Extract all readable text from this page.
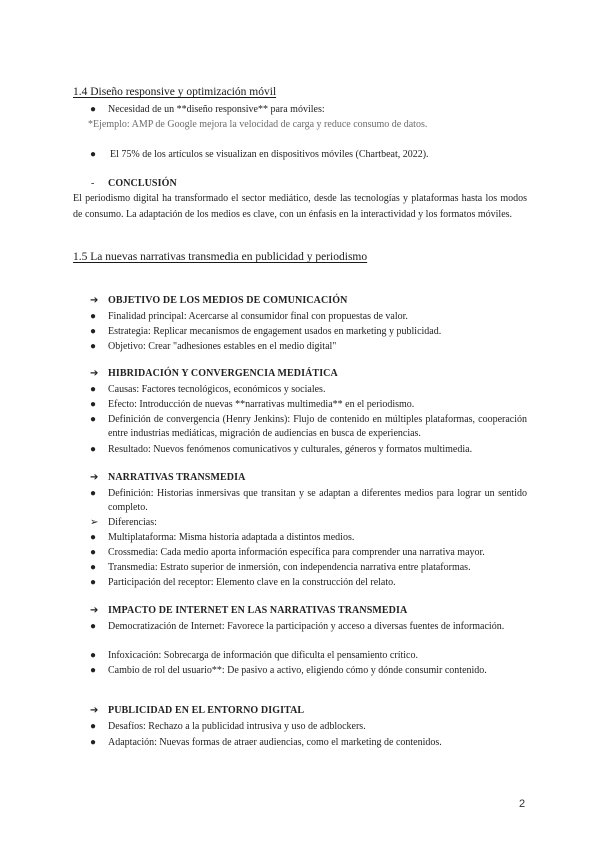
1.4 Diseño responsive y optimización móvil
● Necesidad de un **diseño responsive** para móviles:
*Ejemplo: AMP de Google mejora la velocidad de carga y reduce consumo de datos.
● El 75% de los artículos se visualizan en dispositivos móviles (Chartbeat, 2022).
- CONCLUSIÓN
El periodismo digital ha transformado el sector mediático, desde las tecnologías y plataformas hasta los modos de consumo. La adaptación de los medios es clave, con un énfasis en la interactividad y los formatos móviles.
1.5 La nuevas narrativas transmedia en publicidad y periodismo
➔ OBJETIVO DE LOS MEDIOS DE COMUNICACIÓN
● Finalidad principal: Acercarse al consumidor final con propuestas de valor.
● Estrategia: Replicar mecanismos de engagement usados en marketing y publicidad.
● Objetivo: Crear "adhesiones estables en el medio digital"
➔ HIBRIDACIÓN Y CONVERGENCIA MEDIÁTICA
● Causas: Factores tecnológicos, económicos y sociales.
● Efecto: Introducción de nuevas **narrativas multimedia** en el periodismo.
● Definición de convergencia (Henry Jenkins): Flujo de contenido en múltiples plataformas, cooperación entre industrias mediáticas, migración de audiencias en busca de experiencias.
● Resultado: Nuevos fenómenos comunicativos y culturales, géneros y formatos multimedia.
➔ NARRATIVAS TRANSMEDIA
● Definición: Historias inmersivas que transitan y se adaptan a diferentes medios para lograr un sentido completo.
➢ Diferencias:
● Multiplataforma: Misma historia adaptada a distintos medios.
● Crossmedia: Cada medio aporta información específica para comprender una narrativa mayor.
● Transmedia: Estrato superior de inmersión, con independencia narrativa entre plataformas.
● Participación del receptor: Elemento clave en la construcción del relato.
➔ IMPACTO DE INTERNET EN LAS NARRATIVAS TRANSMEDIA
● Democratización de Internet: Favorece la participación y acceso a diversas fuentes de información.
● Infoxicación: Sobrecarga de información que dificulta el pensamiento crítico.
● Cambio de rol del usuario**: De pasivo a activo, eligiendo cómo y dónde consumir contenido.
➔ PUBLICIDAD EN EL ENTORNO DIGITAL
● Desafíos: Rechazo a la publicidad intrusiva y uso de adblockers.
● Adaptación: Nuevas formas de atraer audiencias, como el marketing de contenidos.
2
